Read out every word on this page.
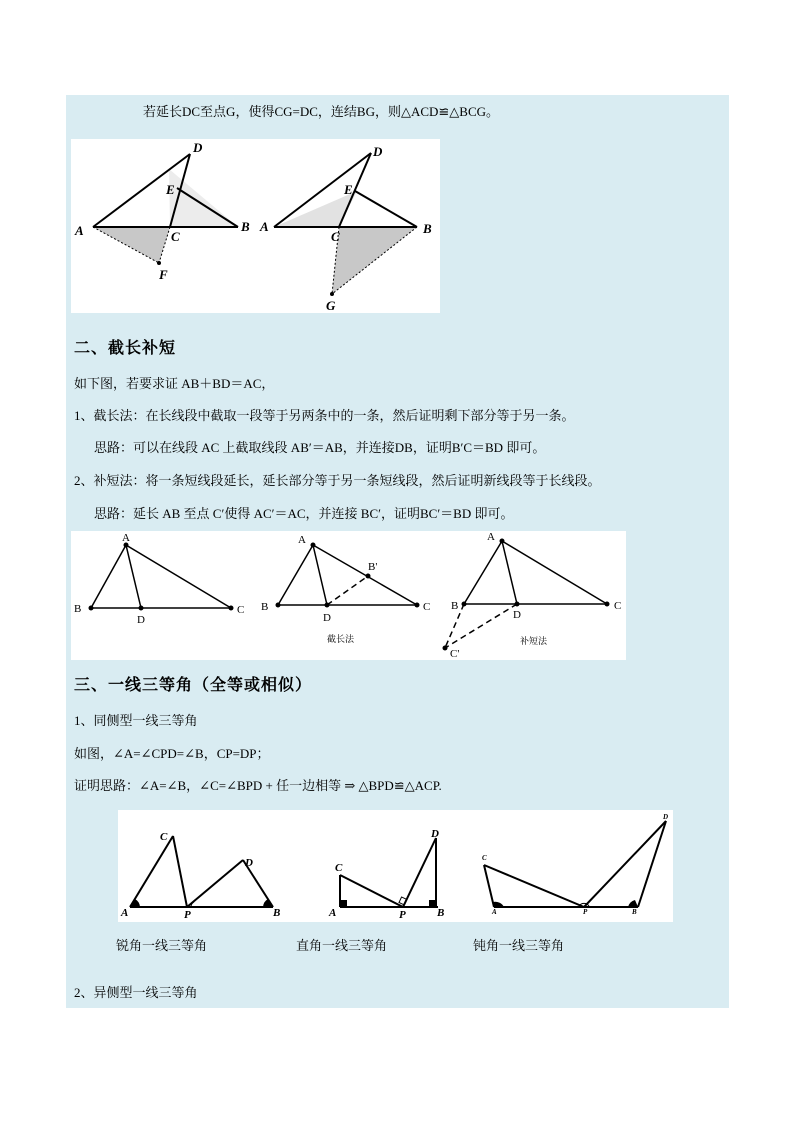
若延长DC至点G，使得CG=DC，连结BG，则△ACD≌△BCG。
D
E
A	C
B
F
D
E
A
C
B
G
二、截长补短
如下图，若要求证 AB＋BD＝AC，
1、截长法：在长线段中截取一段等于另两条中的一条，然后证明剩下部分等于另一条。
思路：可以在线段 AC 上截取线段 AB′＝AB，并连接DB，证明B′C＝BD 即可。
2、补短法：将一条短线段延长，延长部分等于另一条短线段，然后证明新线段等于长线段。
思路：延长 AB 至点 C′使得 AC′＝AC，并连接 BC′，证明BC′＝BD 即可。
A
B
D
C
A
B
D
C
B'
A
B
D
C
C'
截长法	补短法
三、一线三等角（全等或相似）
1、同侧型一线三等角
如图，∠A=∠CPD=∠B，CP=DP；
证明思路：∠A=∠B，∠C=∠BPD + 任一边相等 ⇒ △BPD≌△ACP.
C
D
A	P	B
C
D
A	P	B
C
D
A	P	B
锐角一线三等角	直角一线三等角	钝角一线三等角
2、异侧型一线三等角
